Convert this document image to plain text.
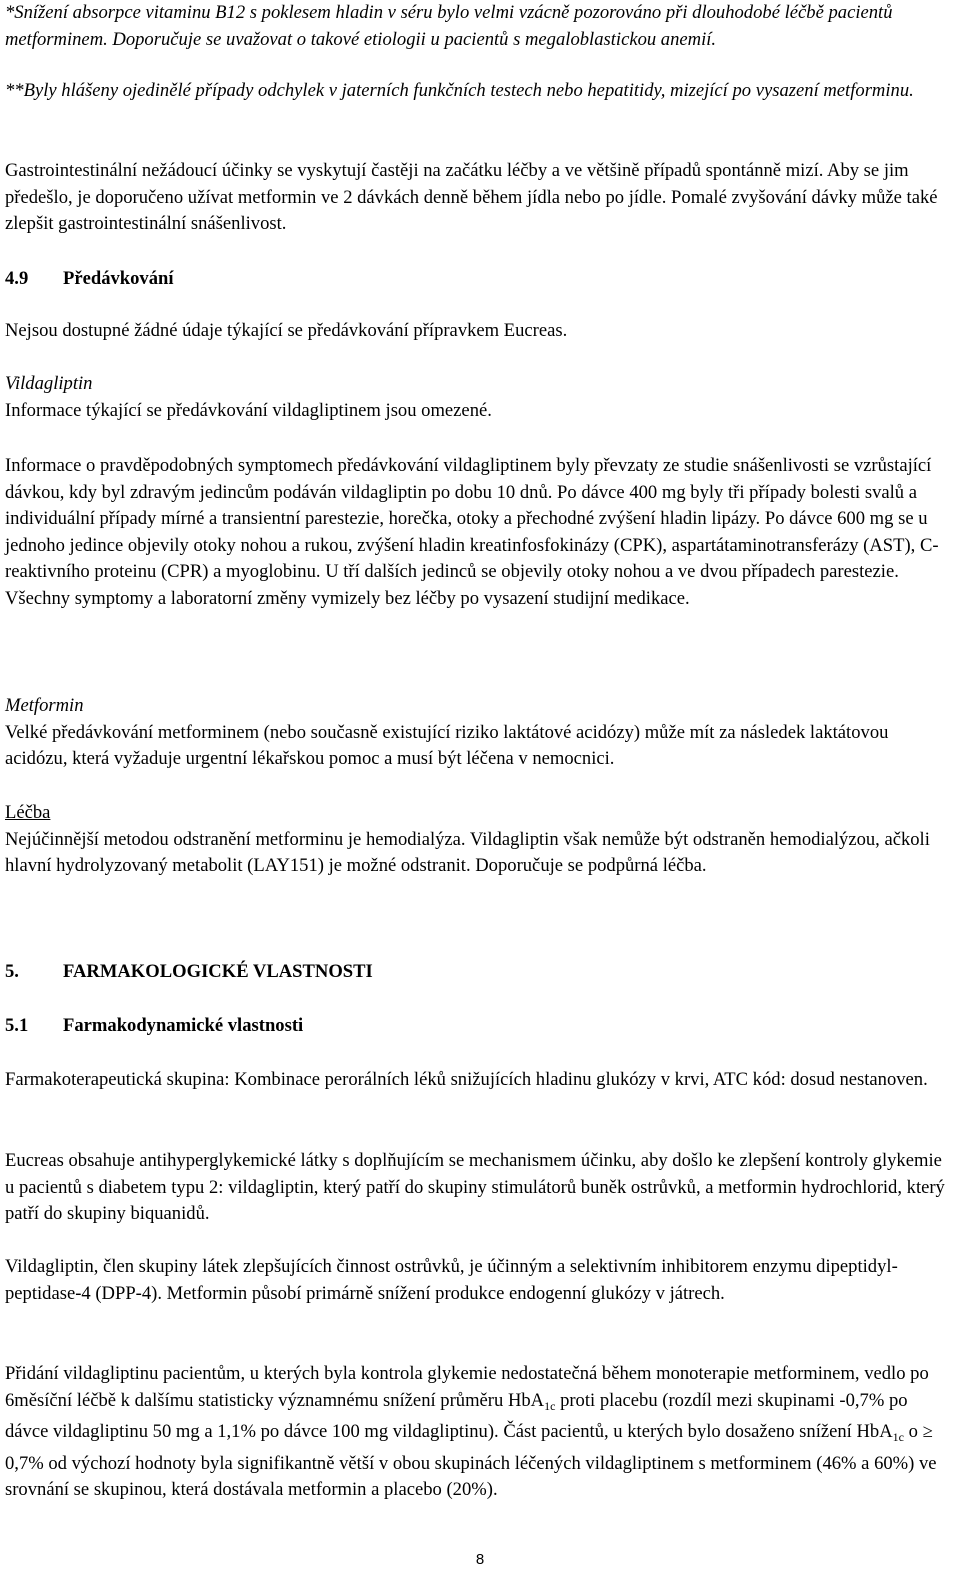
*Snížení absorpce vitaminu B12 s poklesem hladin v séru bylo velmi vzácně pozorováno při dlouhodobé léčbě pacientů metforminem. Doporučuje se uvažovat o takové etiologii u pacientů s megaloblastickou anemií.

**Byly hlášeny ojedinělé případy odchylek v jaterních funkčních testech nebo hepatitidy, mizející po vysazení metforminu.

Gastrointestinální nežádoucí účinky se vyskytují častěji na začátku léčby a ve většině případů spontánně mizí. Aby se jim předešlo, je doporučeno užívat metformin ve 2 dávkách denně během jídla nebo po jídle. Pomalé zvyšování dávky může také zlepšit gastrointestinální snášenlivost.

4.9 Předávkování

Nejsou dostupné žádné údaje týkající se předávkování přípravkem Eucreas.

Vildagliptin
Informace týkající se předávkování vildagliptinem jsou omezené.

Informace o pravděpodobných symptomech předávkování vildagliptinem byly převzaty ze studie snášenlivosti se vzrůstající dávkou, kdy byl zdravým jedincům podáván vildagliptin po dobu 10 dnů. Po dávce 400 mg byly tři případy bolesti svalů a individuální případy mírné a transientní parestezie, horečka, otoky a přechodné zvýšení hladin lipázy. Po dávce 600 mg se u jednoho jedince objevily otoky nohou a rukou, zvýšení hladin kreatinfosfokinázy (CPK), aspartátaminotransferázy (AST), C-reaktivního proteinu (CPR) a myoglobinu. U tří dalších jedinců se objevily otoky nohou a ve dvou případech parestezie. Všechny symptomy a laboratorní změny vymizely bez léčby po vysazení studijní medikace.

Metformin
Velké předávkování metforminem (nebo současně existující riziko laktátové acidózy) může mít za následek laktátovou acidózu, která vyžaduje urgentní lékařskou pomoc a musí být léčena v nemocnici.
Léčba
Nejúčinnější metodou odstranění metforminu je hemodialýza. Vildagliptin však nemůže být odstraněn hemodialýzou, ačkoli hlavní hydrolyzovaný metabolit (LAY151) je možné odstranit. Doporučuje se podpůrná léčba.
5. FARMAKOLOGICKÉ VLASTNOSTI
5.1 Farmakodynamické vlastnosti

Farmakoterapeutická skupina: Kombinace perorálních léků snižujících hladinu glukózy v krvi, ATC kód: dosud nestanoven.

Eucreas obsahuje antihyperglykemické látky s doplňujícím se mechanismem účinku, aby došlo ke zlepšení kontroly glykemie u pacientů s diabetem typu 2: vildagliptin, který patří do skupiny stimulátorů buněk ostrůvků, a metformin hydrochlorid, který patří do skupiny biquanidů.

Vildagliptin, člen skupiny látek zlepšujících činnost ostrůvků, je účinným a selektivním inhibitorem enzymu dipeptidyl-peptidase-4 (DPP-4). Metformin působí primárně snížení produkce endogenní glukózy v játrech.

Přidání vildagliptinu pacientům, u kterých byla kontrola glykemie nedostatečná během monoterapie metforminem, vedlo po 6měsíční léčbě k dalšímu statisticky významnému snížení průměru HbA$_{1c}$ proti placebu (rozdíl mezi skupinami -0,7% po dávce vildagliptinu 50 mg a 1,1% po dávce 100 mg vildagliptinu). Část pacientů, u kterých bylo dosaženo snížení HbA$_{1c}$ o ≥ 0,7% od výchozí hodnoty byla signifikantně větší v obou skupinách léčených vildagliptinem s metforminem (46% a 60%) ve srovnání se skupinou, která dostávala metformin a placebo (20%).

8
